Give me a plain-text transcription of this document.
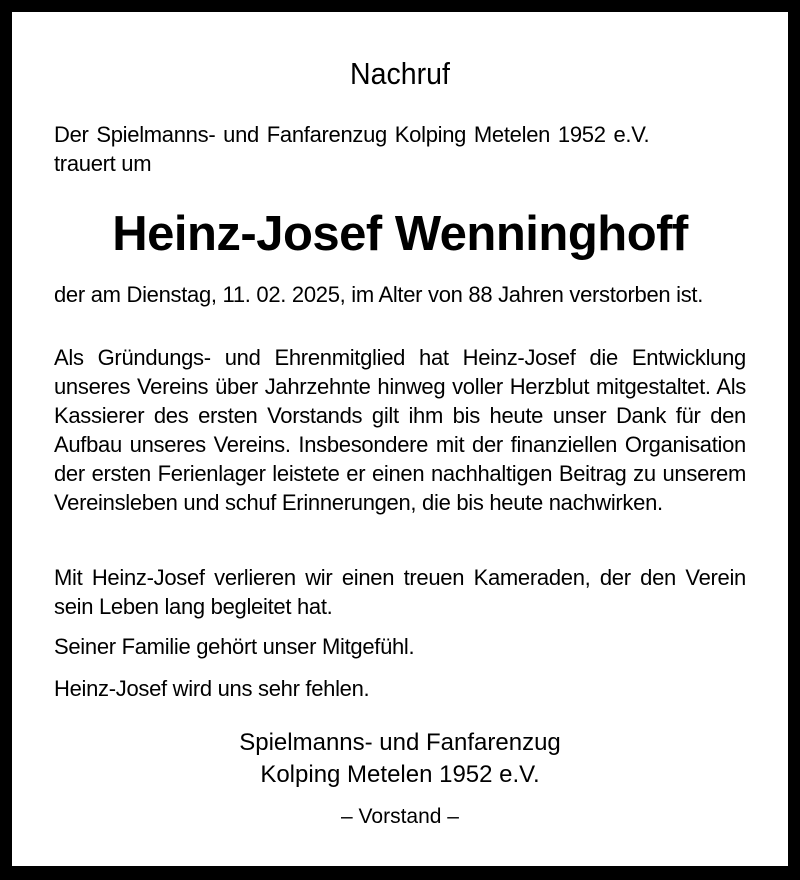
Nachruf
Der Spielmanns- und Fanfarenzug Kolping Metelen 1952 e.V.
trauert um
Heinz-Josef Wenninghoff
der am Dienstag, 11. 02. 2025, im Alter von 88 Jahren verstorben ist.
Als Gründungs- und Ehrenmitglied hat Heinz-Josef die Entwicklung unseres Vereins über Jahrzehnte hinweg voller Herzblut mitgestaltet. Als Kassierer des ersten Vorstands gilt ihm bis heute unser Dank für den Aufbau unseres Vereins. Insbesondere mit der finanziellen Organisation der ersten Ferienlager leistete er einen nachhaltigen Beitrag zu unserem Vereinsleben und schuf Erinnerungen, die bis heute nachwirken.
Mit Heinz-Josef verlieren wir einen treuen Kameraden, der den Verein sein Leben lang begleitet hat.
Seiner Familie gehört unser Mitgefühl.
Heinz-Josef wird uns sehr fehlen.
Spielmanns- und Fanfarenzug
Kolping Metelen 1952 e.V.
– Vorstand –
